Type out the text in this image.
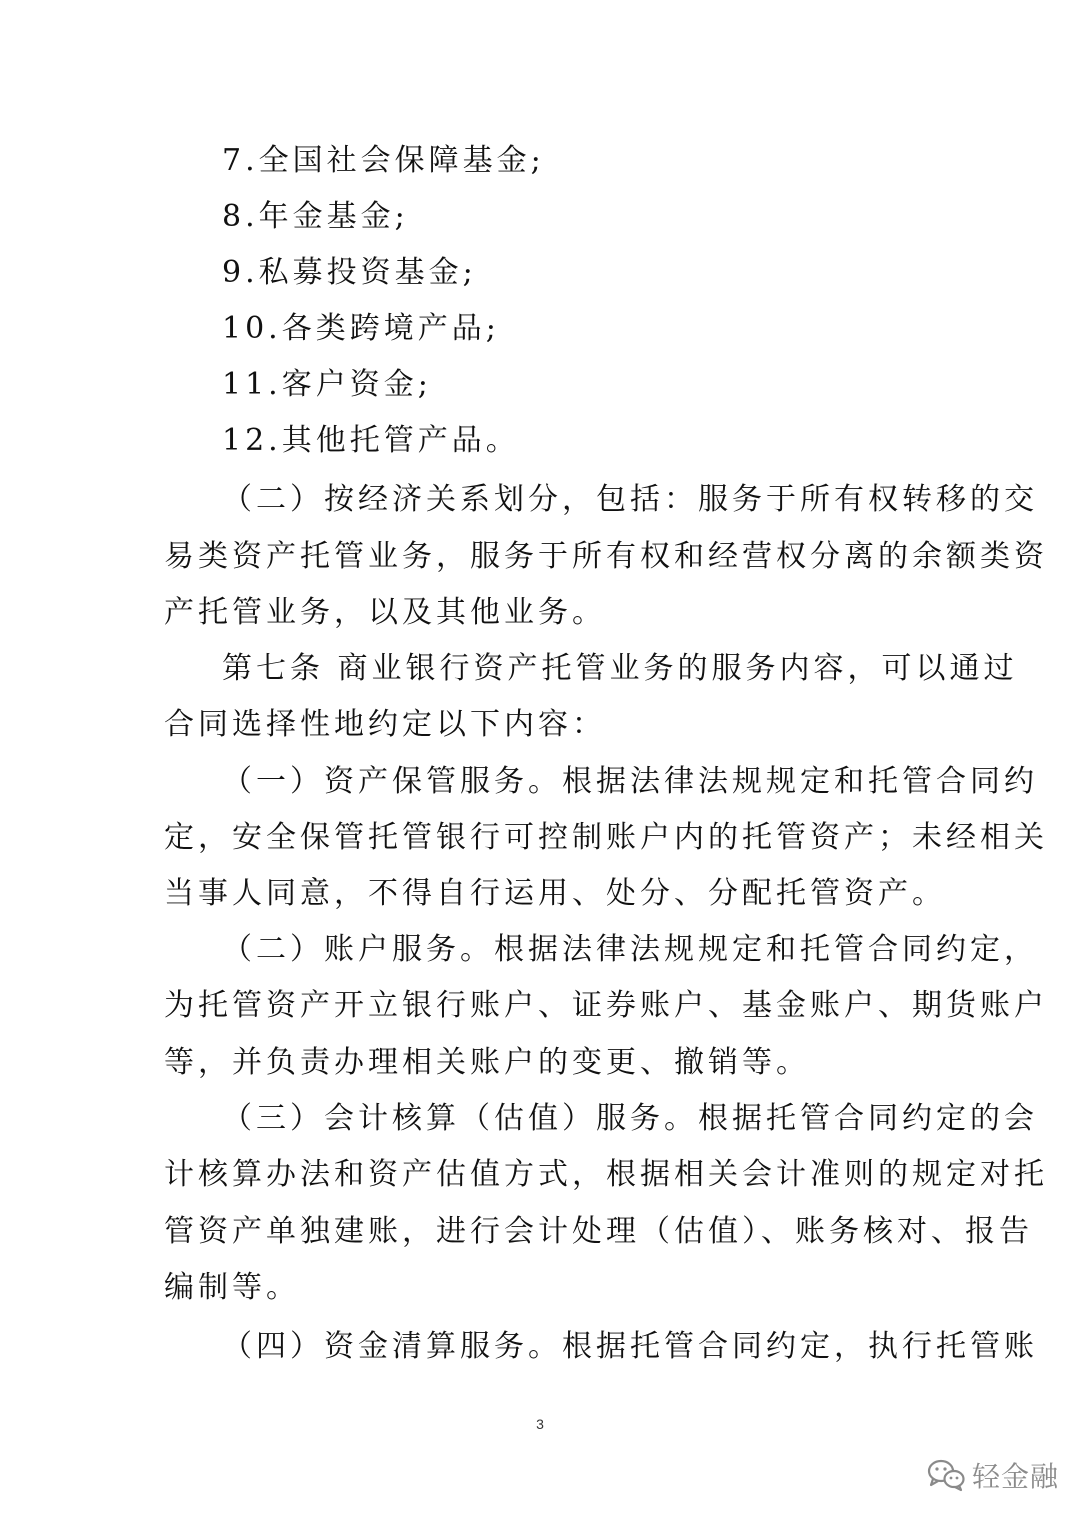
7.全国社会保障基金;
8.年金基金;
9.私募投资基金;
10.各类跨境产品;
11.客户资金;
12.其他托管产品。
（二）按经济关系划分，包括：服务于所有权转移的交
易类资产托管业务，服务于所有权和经营权分离的余额类资
产托管业务，以及其他业务。
第七条 商业银行资产托管业务的服务内容，可以通过
合同选择性地约定以下内容：
（一）资产保管服务。根据法律法规规定和托管合同约
定，安全保管托管银行可控制账户内的托管资产；未经相关
当事人同意，不得自行运用、处分、分配托管资产。
（二）账户服务。根据法律法规规定和托管合同约定，
为托管资产开立银行账户、证券账户、基金账户、期货账户
等，并负责办理相关账户的变更、撤销等。
（三）会计核算（估值）服务。根据托管合同约定的会
计核算办法和资产估值方式，根据相关会计准则的规定对托
管资产单独建账，进行会计处理（估值）、账务核对、报告
编制等。
（四）资金清算服务。根据托管合同约定，执行托管账
3
轻金融
